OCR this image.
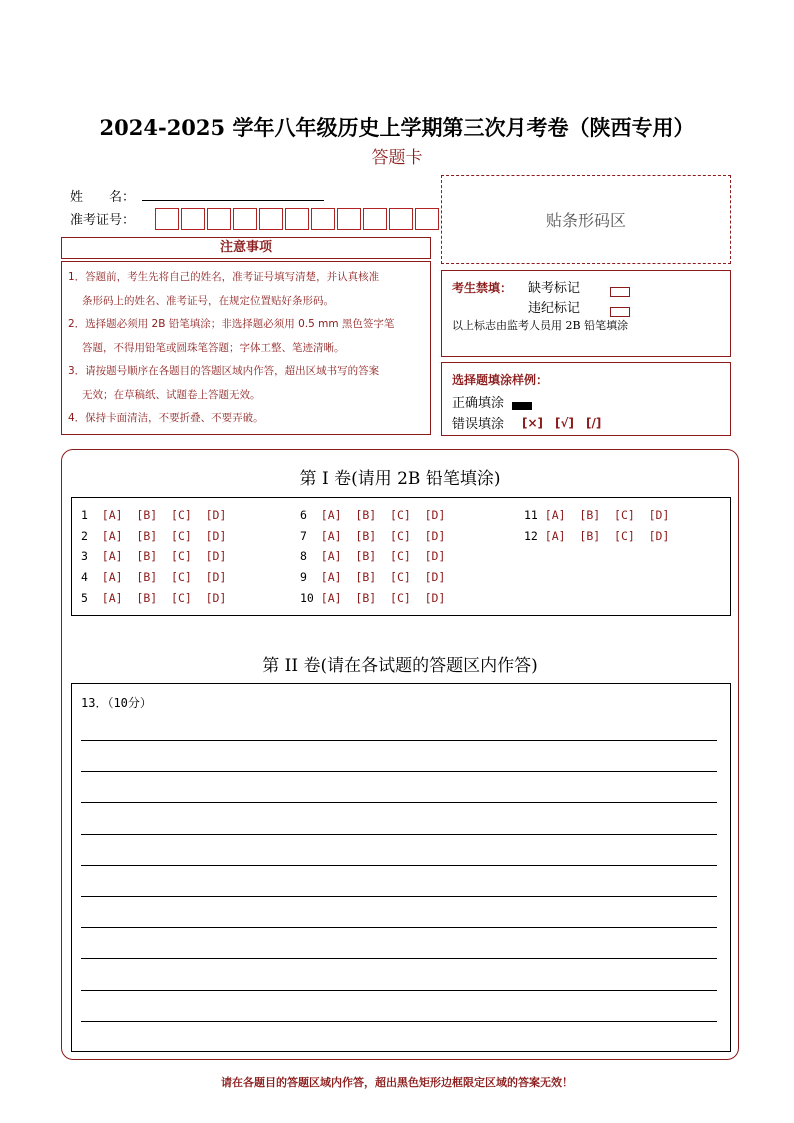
2024-2025 学年八年级历史上学期第三次月考卷（陕西专用）
答题卡
姓　　名：
准考证号：	贴条形码区
注意事项

1．答题前，考生先将自己的姓名，准考证号填写清楚，并认真核准

条形码上的姓名、准考证号，在规定位置贴好条形码。

2．选择题必须用 2B 铅笔填涂；非选择题必须用 0.5 mm 黑色签字笔

答题，不得用铅笔或圆珠笔答题；字体工整、笔迹清晰。

3．请按题号顺序在各题目的答题区域内作答，超出区域书写的答案

无效；在草稿纸、试题卷上答题无效。

4．保持卡面清洁，不要折叠、不要弄破。

考生禁填： 缺考标记
违纪标记
以上标志由监考人员用 2B 铅笔填涂
选择题填涂样例：
正确填涂
错误填涂 [×]　[√]　[/]
第 I 卷(请用 2B 铅笔填涂)
1  [A]  [B]  [C]  [D]
2  [A]  [B]  [C]  [D]
3  [A]  [B]  [C]  [D]
4  [A]  [B]  [C]  [D]
5  [A]  [B]  [C]  [D]
6  [A]  [B]  [C]  [D]
7  [A]  [B]  [C]  [D]
8  [A]  [B]  [C]  [D]
9  [A]  [B]  [C]  [D]
10 [A]  [B]  [C]  [D]
11 [A]  [B]  [C]  [D]
12 [A]  [B]  [C]  [D]
第 II 卷(请在各试题的答题区内作答)
13．（10分）
请在各题目的答题区域内作答，超出黑色矩形边框限定区域的答案无效！
